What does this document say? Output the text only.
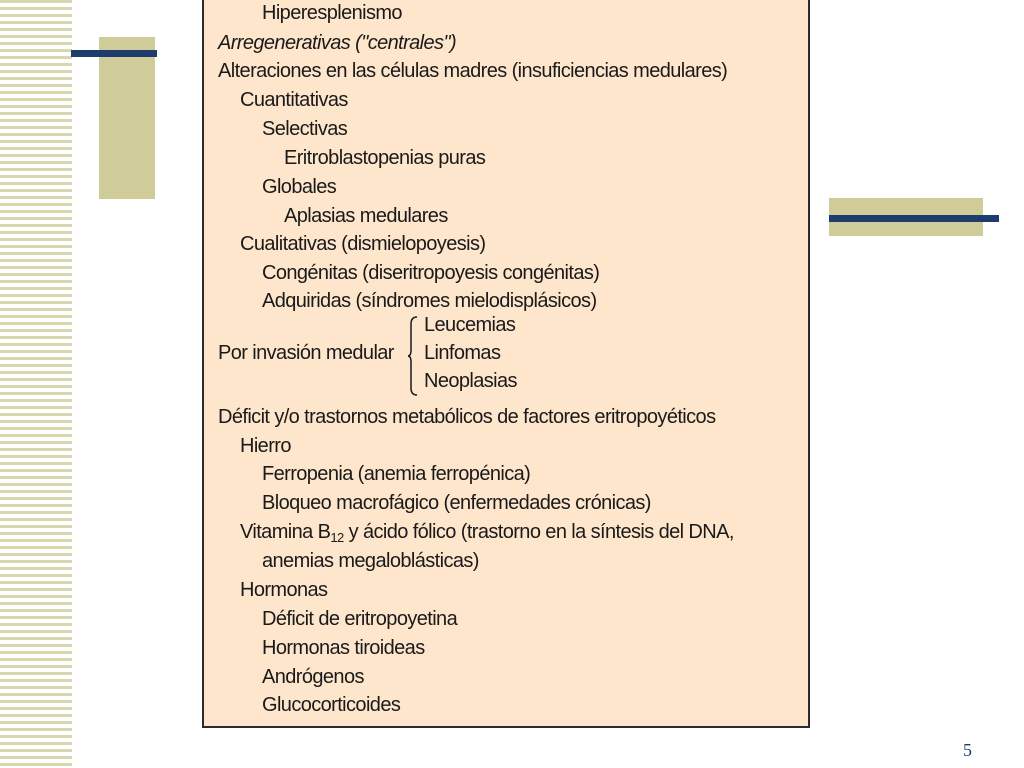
Hiperesplenismo
Arregenerativas ("centrales")
Alteraciones en las células madres (insuficiencias medulares)
Cuantitativas
Selectivas
Eritroblastopenias puras
Globales
Aplasias medulares
Cualitativas (dismielopoyesis)
Congénitas (diseritropoyesis congénitas)
Adquiridas (síndromes mielodisplásicos)
Por invasión medular
Leucemias
Linfomas
Neoplasias
Déficit y/o trastornos metabólicos de factores eritropoyéticos
Hierro
Ferropenia (anemia ferropénica)
Bloqueo macrofágico (enfermedades crónicas)
Vitamina $B_{12}$ y ácido fólico (trastorno en la síntesis del DNA,
anemias megaloblásticas)
Hormonas
Déficit de eritropoyetina
Hormonas tiroideas
Andrógenos
Glucocorticoides
5
